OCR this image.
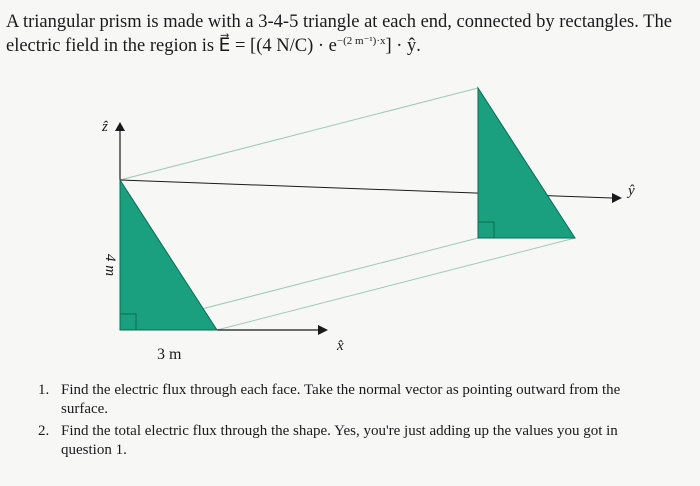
A triangular prism is made with a 3-4-5 triangle at each end, connected by rectangles. The
electric field in the region is E⃗ = [(4 $N/C) \cdot e^{-(2 m^{-1})\cdot x}$] · ŷ.
ẑ
x̂
ŷ
4 m
3 m
1. Find the electric flux through each face. Take the normal vector as pointing outward from the surface.
2. Find the total electric flux through the shape. Yes, you're just adding up the values you got in question 1.
